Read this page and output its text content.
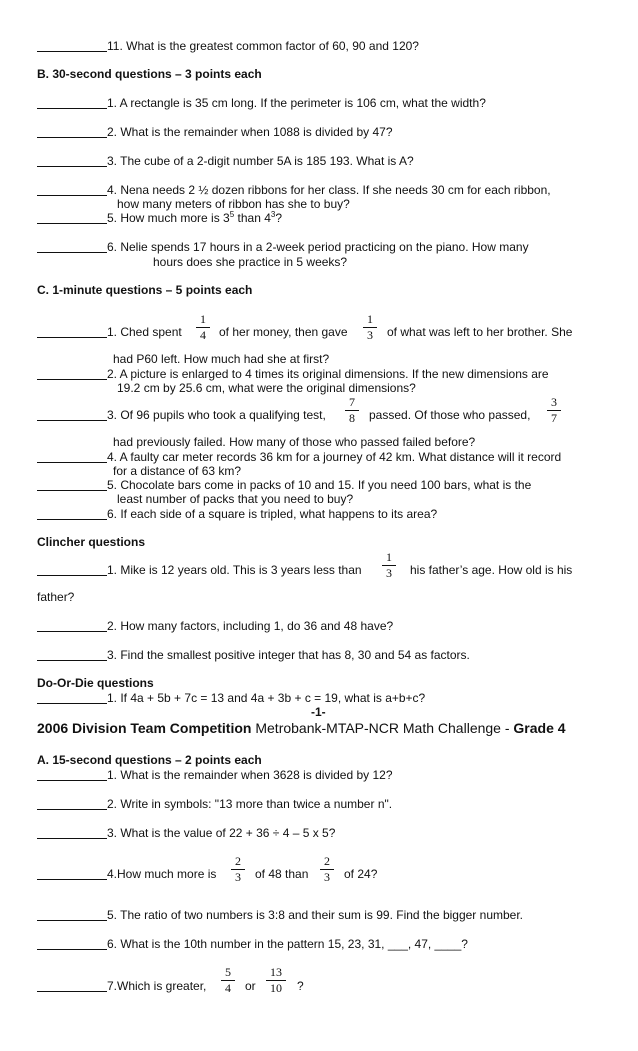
11. What is the greatest common factor of 60, 90 and 120?
B. 30-second questions – 3 points each
1. A rectangle is 35 cm long. If the perimeter is 106 cm, what the width?
2. What is the remainder when 1088 is divided by 47?
3. The cube of a 2-digit number 5A is 185 193. What is A?
4. Nena needs 2 ½ dozen ribbons for her class. If she needs 30 cm for each ribbon,
how many meters of ribbon has she to buy?
5. How much more is $3^5$ than $4^3$?
6. Nelie spends 17 hours in a 2-week period practicing on the piano. How many
hours does she practice in 5 weeks?
C. 1-minute questions – 5 points each
1. Ched spent $\frac{1}{4}$ of her money, then gave $\frac{1}{3}$ of what was left to her brother. She
had P60 left. How much had she at first?
2. A picture is enlarged to 4 times its original dimensions. If the new dimensions are
19.2 cm by 25.6 cm, what were the original dimensions?
3. Of 96 pupils who took a qualifying test, $\frac{7}{8}$ passed. Of those who passed, $\frac{3}{7}$
had previously failed. How many of those who passed failed before?
4. A faulty car meter records 36 km for a journey of 42 km. What distance will it record
for a distance of 63 km?
5. Chocolate bars come in packs of 10 and 15. If you need 100 bars, what is the
least number of packs that you need to buy?
6. If each side of a square is tripled, what happens to its area?
Clincher questions
1. Mike is 12 years old. This is 3 years less than $\frac{1}{3}$ his father’s age. How old is his
father?
2. How many factors, including 1, do 36 and 48 have?
3. Find the smallest positive integer that has 8, 30 and 54 as factors.
Do-Or-Die questions
1. If 4a + 5b + 7c = 13 and 4a + 3b + c = 19, what is a+b+c?
-1-
2006 Division Team Competition Metrobank-MTAP-NCR Math Challenge - Grade 4
A. 15-second questions – 2 points each
1. What is the remainder when 3628 is divided by 12?
2. Write in symbols: "13 more than twice a number n".
3. What is the value of 22 + 36 ÷ 4 – 5 x 5?
4.How much more is $\frac{2}{3}$ of 48 than $\frac{2}{3}$ of 24?
5. The ratio of two numbers is 3:8 and their sum is 99. Find the bigger number.
6. What is the 10th number in the pattern 15, 23, 31, ___, 47, ____?
7.Which is greater, $\frac{5}{4}$ or $\frac{13}{10}$ ?
